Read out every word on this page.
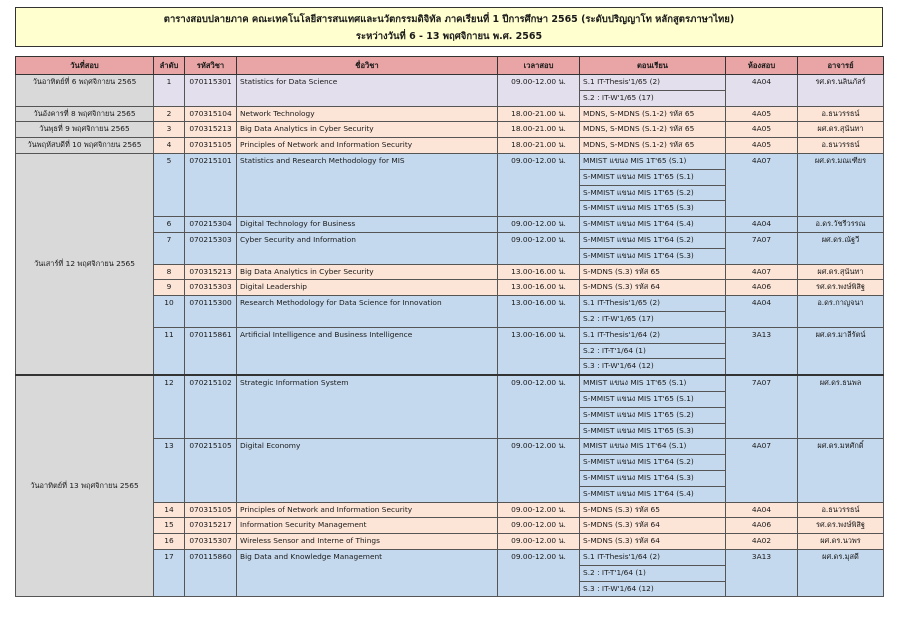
ตารางสอบปลายภาค คณะเทคโนโลยีสารสนเทศและนวัตกรรมดิจิทัล ภาคเรียนที่ 1 ปีการศึกษา 2565 (ระดับปริญญาโท หลักสูตรภาษาไทย)
ระหว่างวันที่ 6 - 13 พฤศจิกายน พ.ศ. 2565
วันที่สอบ	ลำดับ	รหัสวิชา	ชื่อวิชา	เวลาสอบ	ตอนเรียน	ห้องสอบ	อาจารย์
วันอาทิตย์ที่ 6 พฤศจิกายน 2565	1	070115301	Statistics for Data Science	09.00-12.00 น.	S.1 IT-Thesis'1/65 (2)	4A04	รศ.ดร.นลินภัสร์
					S.2 : IT-W'1/65 (17)		
วันอังคารที่ 8 พฤศจิกายน 2565	2	070315104	Network Technology	18.00-21.00 น.	MDNS, S-MDNS (S.1-2) รหัส 65	4A05	อ.ธนวรรธน์
วันพุธที่ 9 พฤศจิกายน 2565	3	070315213	Big Data Analytics in Cyber Security	18.00-21.00 น.	MDNS, S-MDNS (S.1-2) รหัส 65	4A05	ผศ.ดร.สุนันทา
วันพฤหัสบดีที่ 10 พฤศจิกายน 2565	4	070315105	Principles of Network and Information Security	18.00-21.00 น.	MDNS, S-MDNS (S.1-2) รหัส 65	4A05	อ.ธนวรรธน์
วันเสาร์ที่ 12 พฤศจิกายน 2565	5	070215101	Statistics and Research Methodology for MIS	09.00-12.00 น.	MMIST แขนง MIS 1T'65 (S.1)	4A07	ผศ.ดร.มณเฑียร
					S-MMIST แขนง MIS 1T'65 (S.1)		
					S-MMIST แขนง MIS 1T'65 (S.2)		
					S-MMIST แขนง MIS 1T'65 (S.3)		
	6	070215304	Digital Technology for Business	09.00-12.00 น.	S-MMIST แขนง MIS 1T'64 (S.4)	4A04	อ.ดร.วัชรีวรรณ
	7	070215303	Cyber Security and Information	09.00-12.00 น.	S-MMIST แขนง MIS 1T'64 (S.2)	7A07	ผศ.ดร.ณัฐวี
					S-MMIST แขนง MIS 1T'64 (S.3)		
	8	070315213	Big Data Analytics in Cyber Security	13.00-16.00 น.	S-MDNS (S.3) รหัส 65	4A07	ผศ.ดร.สุนันทา
	9	070315303	Digital Leadership	13.00-16.00 น.	S-MDNS (S.3) รหัส 64	4A06	รศ.ดร.พงษ์พิสิฐ
	10	070115300	Research Methodology for Data Science for Innovation	13.00-16.00 น.	S.1 IT-Thesis'1/65 (2)	4A04	อ.ดร.กาญจนา
					S.2 : IT-W'1/65 (17)		
	11	070115861	Artificial Intelligence and Business Intelligence	13.00-16.00 น.	S.1 IT-Thesis'1/64 (2)	3A13	ผศ.ดร.มาลีรัตน์
					S.2 : IT-T'1/64 (1)		
					S.3 : IT-W'1/64 (12)		
วันอาทิตย์ที่ 13 พฤศจิกายน 2565	12	070215102	Strategic Information System	09.00-12.00 น.	MMIST แขนง MIS 1T'65 (S.1)	7A07	ผศ.ดร.ธนพล
					S-MMIST แขนง MIS 1T'65 (S.1)		
					S-MMIST แขนง MIS 1T'65 (S.2)		
					S-MMIST แขนง MIS 1T'65 (S.3)		
	13	070215105	Digital Economy	09.00-12.00 น.	MMIST แขนง MIS 1T'64 (S.1)	4A07	ผศ.ดร.มหศักดิ์
					S-MMIST แขนง MIS 1T'64 (S.2)		
					S-MMIST แขนง MIS 1T'64 (S.3)		
					S-MMIST แขนง MIS 1T'64 (S.4)		
	14	070315105	Principles of Network and Information Security	09.00-12.00 น.	S-MDNS (S.3) รหัส 65	4A04	อ.ธนวรรธน์
	15	070315217	Information Security Management	09.00-12.00 น.	S-MDNS (S.3) รหัส 64	4A06	รศ.ดร.พงษ์พิสิฐ
	16	070315307	Wireless Sensor and Interne of Things	09.00-12.00 น.	S-MDNS (S.3) รหัส 64	4A02	ผศ.ดร.นวพร
	17	070115860	Big Data and Knowledge Management	09.00-12.00 น.	S.1 IT-Thesis'1/64 (2)	3A13	ผศ.ดร.มุสดี
					S.2 : IT-T'1/64 (1)		
					S.3 : IT-W'1/64 (12)		
